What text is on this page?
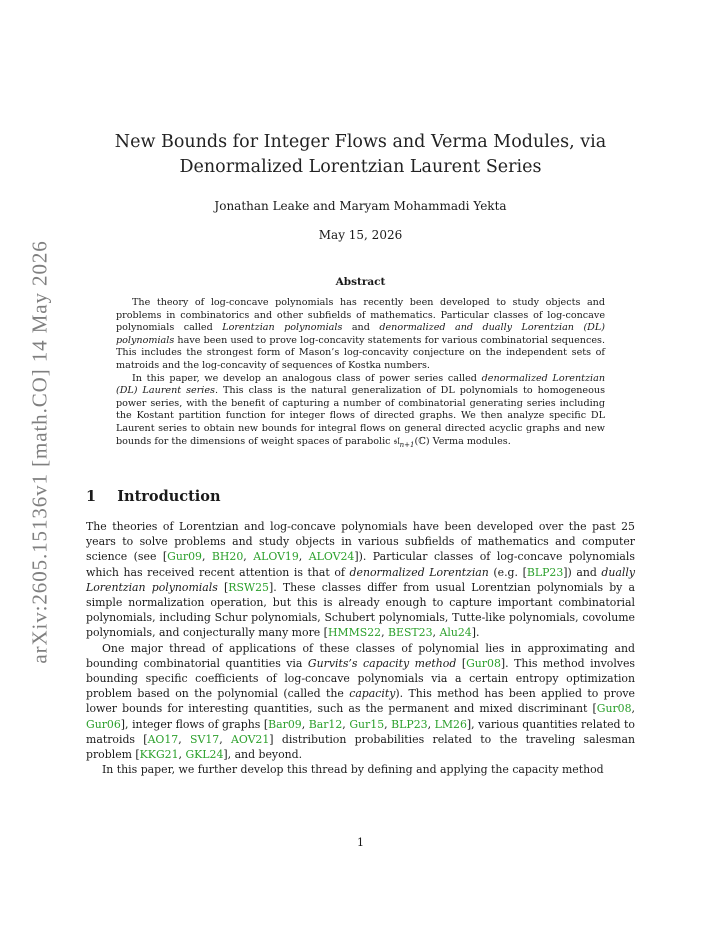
arXiv:2605.15136v1 [math.CO] 14 May 2026
New Bounds for Integer Flows and Verma Modules, via
Denormalized Lorentzian Laurent Series
Jonathan Leake and Maryam Mohammadi Yekta
May 15, 2026
Abstract

The theory of log-concave polynomials has recently been developed to study objects and problems in combinatorics and other subfields of mathematics. Particular classes of log-concave polynomials called Lorentzian polynomials and denormalized and dually Lorentzian (DL) polynomials have been used to prove log-concavity statements for various combinatorial sequences. This includes the strongest form of Mason’s log-concavity conjecture on the independent sets of matroids and the log-concavity of sequences of Kostka numbers.

In this paper, we develop an analogous class of power series called denormalized Lorentzian (DL) Laurent series. This class is the natural generalization of DL polynomials to homogeneous power series, with the benefit of capturing a number of combinatorial generating series including the Kostant partition function for integer flows of directed graphs. We then analyze specific DL Laurent series to obtain new bounds for integral flows on general directed acyclic graphs and new bounds for the dimensions of weight spaces of parabolic 𝔰𝔩$_{n+1}$(ℂ) Verma modules.

1 Introduction

The theories of Lorentzian and log-concave polynomials have been developed over the past 25 years to solve problems and study objects in various subfields of mathematics and computer science (see [Gur09, BH20, ALOV19, ALOV24]). Particular classes of log-concave polynomials which has received recent attention is that of denormalized Lorentzian (e.g. [BLP23]) and dually Lorentzian polynomials [RSW25]. These classes differ from usual Lorentzian polynomials by a simple normalization operation, but this is already enough to capture important combinatorial polynomials, including Schur polynomials, Schubert polynomials, Tutte-like polynomials, covolume polynomials, and conjecturally many more [HMMS22, BEST23, Alu24].

One major thread of applications of these classes of polynomial lies in approximating and bounding combinatorial quantities via Gurvits’s capacity method [Gur08]. This method involves bounding specific coefficients of log-concave polynomials via a certain entropy optimization problem based on the polynomial (called the capacity). This method has been applied to prove lower bounds for interesting quantities, such as the permanent and mixed discriminant [Gur08, Gur06], integer flows of graphs [Bar09, Bar12, Gur15, BLP23, LM26], various quantities related to matroids [AO17, SV17, AOV21] distribution probabilities related to the traveling salesman problem [KKG21, GKL24], and beyond.

In this paper, we further develop this thread by defining and applying the capacity method

1
